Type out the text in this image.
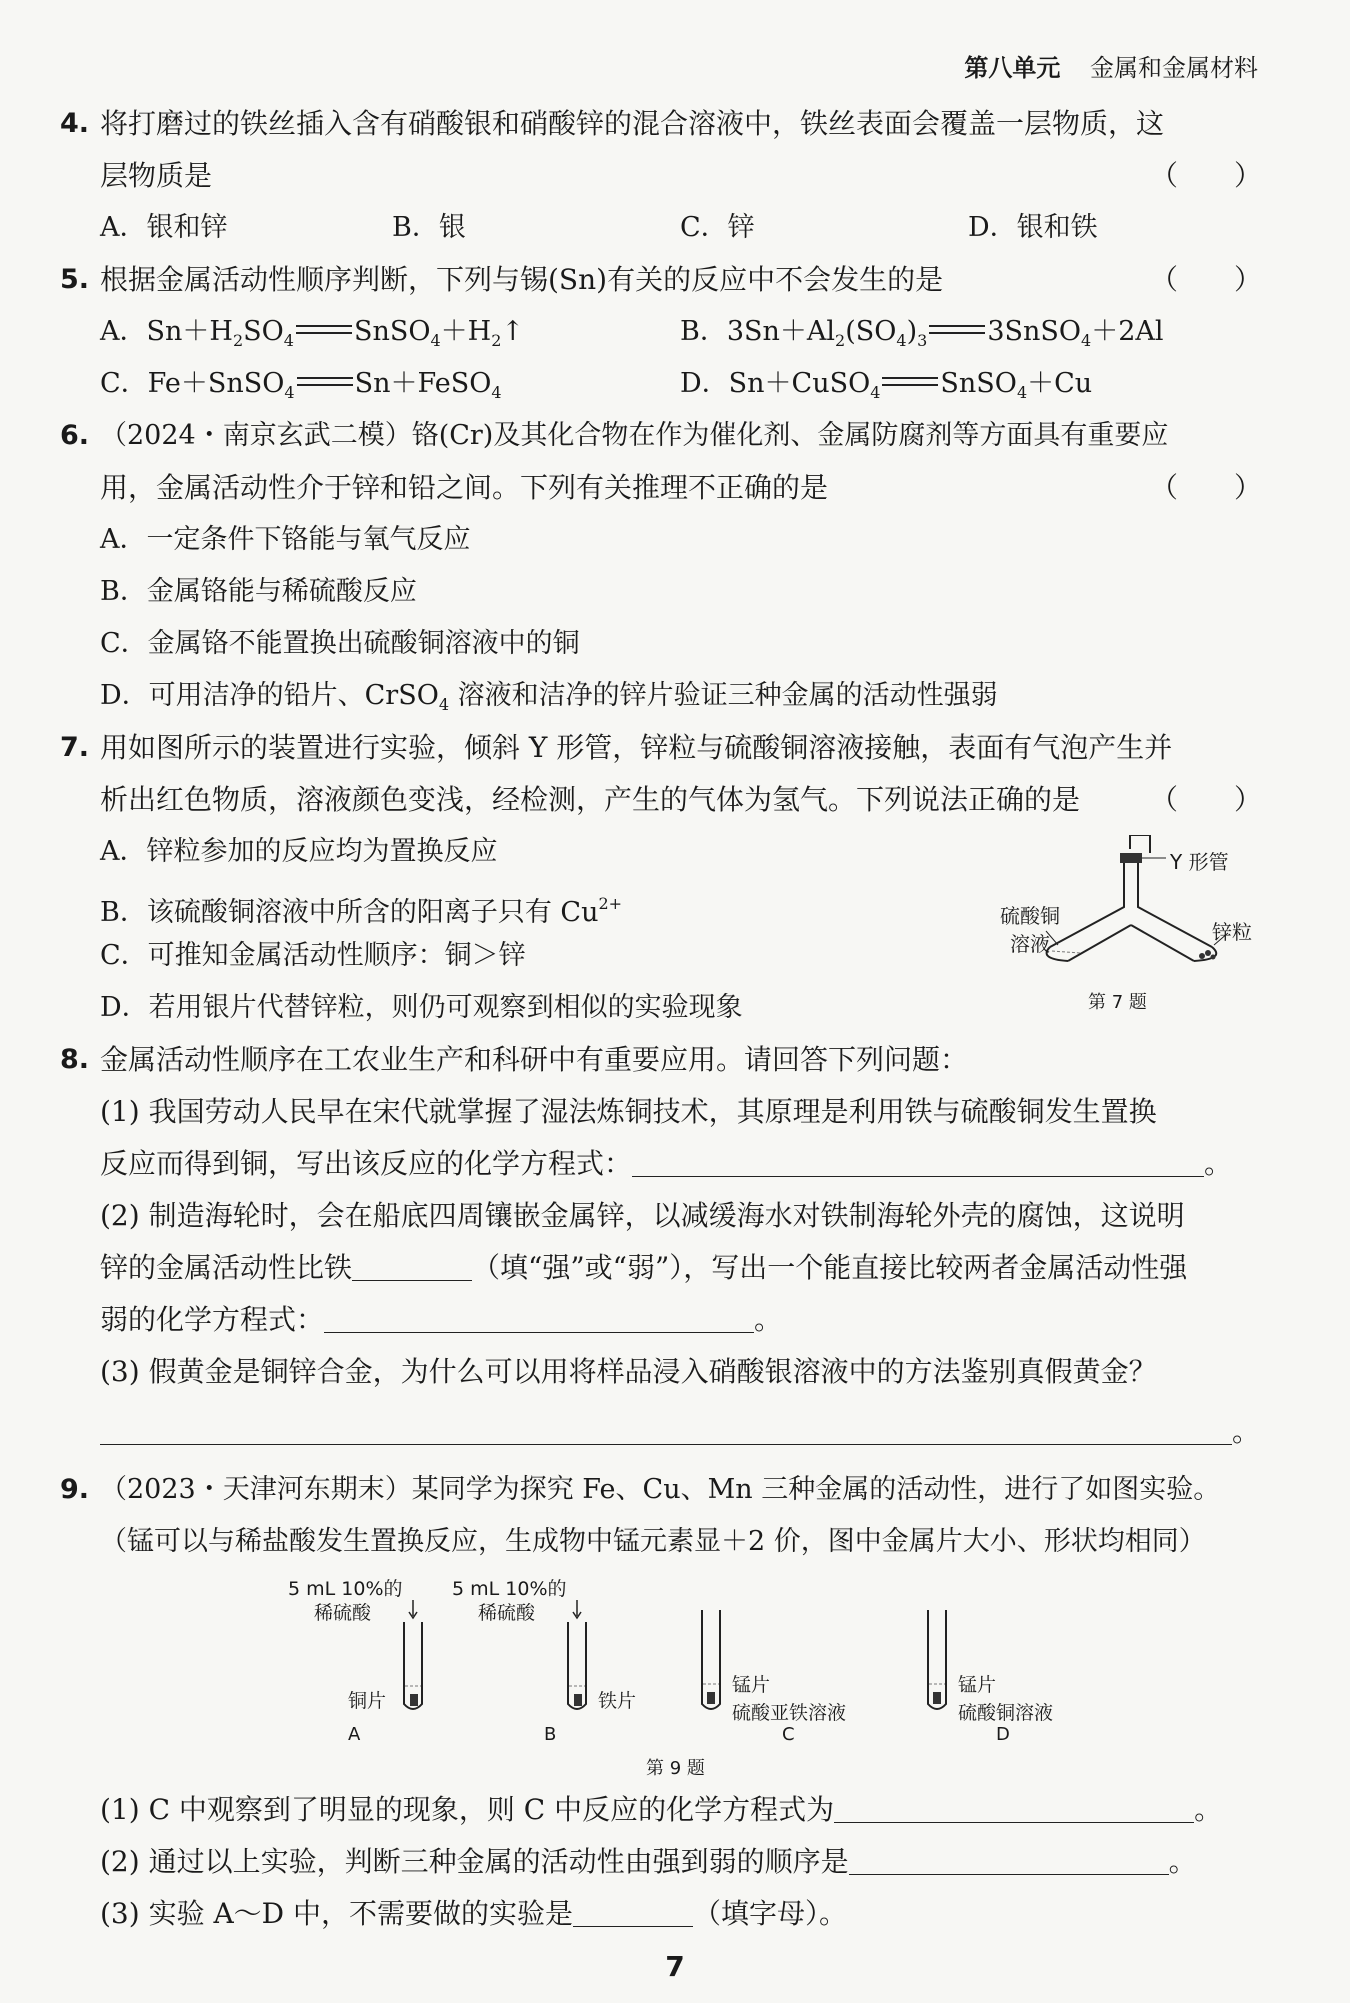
第八单元 金属和金属材料
4. 将打磨过的铁丝插入含有硝酸银和硝酸锌的混合溶液中，铁丝表面会覆盖一层物质，这
层物质是	（　　）
A．银和锌	B．银	C．锌	D．银和铁
5. 根据金属活动性顺序判断，下列与锡(Sn)有关的反应中不会发生的是	（　　）
A．$Sn+H_2SO_4$ $SnSO_4+H_2↑$	B．$3Sn+Al_2(SO_4)_3$ 3SnSO$_4$＋2Al
C．Fe＋SnSO$_4$ Sn＋FeSO$_4$	D．Sn＋CuSO$_4$ SnSO$_4$＋Cu
6. （2024・南京玄武二模）铬(Cr)及其化合物在作为催化剂、金属防腐剂等方面具有重要应
用，金属活动性介于锌和铅之间。下列有关推理不正确的是	（　　）
A．一定条件下铬能与氧气反应
B．金属铬能与稀硫酸反应
C．金属铬不能置换出硫酸铜溶液中的铜
D．可用洁净的铅片、CrSO$_4$ 溶液和洁净的锌片验证三种金属的活动性强弱
7. 用如图所示的装置进行实验，倾斜 Y 形管，锌粒与硫酸铜溶液接触，表面有气泡产生并
析出红色物质，溶液颜色变浅，经检测，产生的气体为氢气。下列说法正确的是	（　　）
A．锌粒参加的反应均为置换反应
B．该硫酸铜溶液中所含的阳离子只有 $Cu^{2+}$
C．可推知金属活动性顺序：铜＞锌
D．若用银片代替锌粒，则仍可观察到相似的实验现象
Y 形管
硫酸铜
溶液	锌粒
第 7 题
8. 金属活动性顺序在工农业生产和科研中有重要应用。请回答下列问题：
(1) 我国劳动人民早在宋代就掌握了湿法炼铜技术，其原理是利用铁与硫酸铜发生置换
反应而得到铜，写出该反应的化学方程式：	。
(2) 制造海轮时，会在船底四周镶嵌金属锌，以减缓海水对铁制海轮外壳的腐蚀，这说明
锌的金属活动性比铁	（填“强”或“弱”），写出一个能直接比较两者金属活动性强
弱的化学方程式：	。
(3) 假黄金是铜锌合金，为什么可以用将样品浸入硝酸银溶液中的方法鉴别真假黄金？
。
9. （2023・天津河东期末）某同学为探究 Fe、Cu、Mn 三种金属的活动性，进行了如图实验。
（锰可以与稀盐酸发生置换反应，生成物中锰元素显＋2 价，图中金属片大小、形状均相同）
5 mL 10%的
稀硫酸
5 mL 10%的
稀硫酸
铜片	铁片
锰片
硫酸亚铁溶液
锰片
硫酸铜溶液
A	B	C	D
第 9 题
(1) C 中观察到了明显的现象，则 C 中反应的化学方程式为	。
(2) 通过以上实验，判断三种金属的活动性由强到弱的顺序是	。
(3) 实验 A～D 中，不需要做的实验是	（填字母）。
7
